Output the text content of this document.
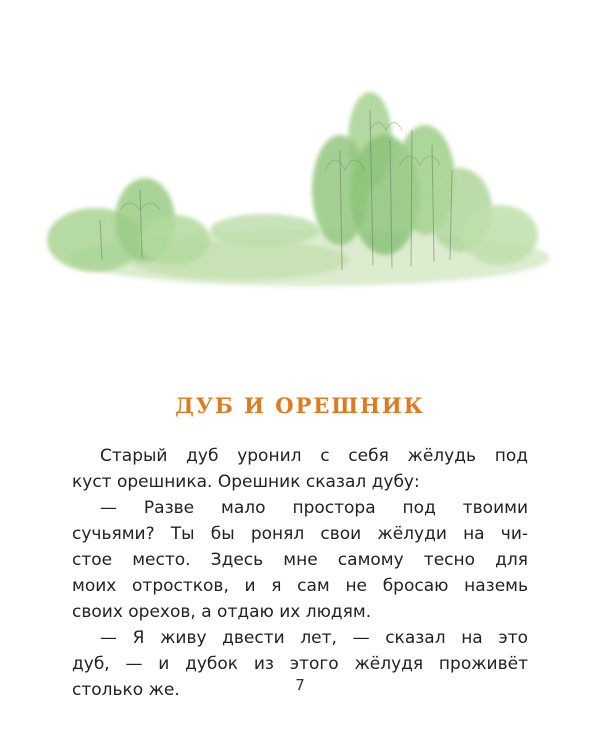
ДУБ И ОРЕШНИК

Старый дуб уронил с себя жёлудь под
куст орешника. Орешник сказал дубу:

— Разве мало простора под твоими
сучьями? Ты бы ронял свои жёлуди на чи-
стое место. Здесь мне самому тесно для
моих отростков, и я сам не бросаю наземь
своих орехов, а отдаю их людям.

— Я живу двести лет, — сказал на это
дуб, — и дубок из этого жёлудя проживёт
столько же.	7
